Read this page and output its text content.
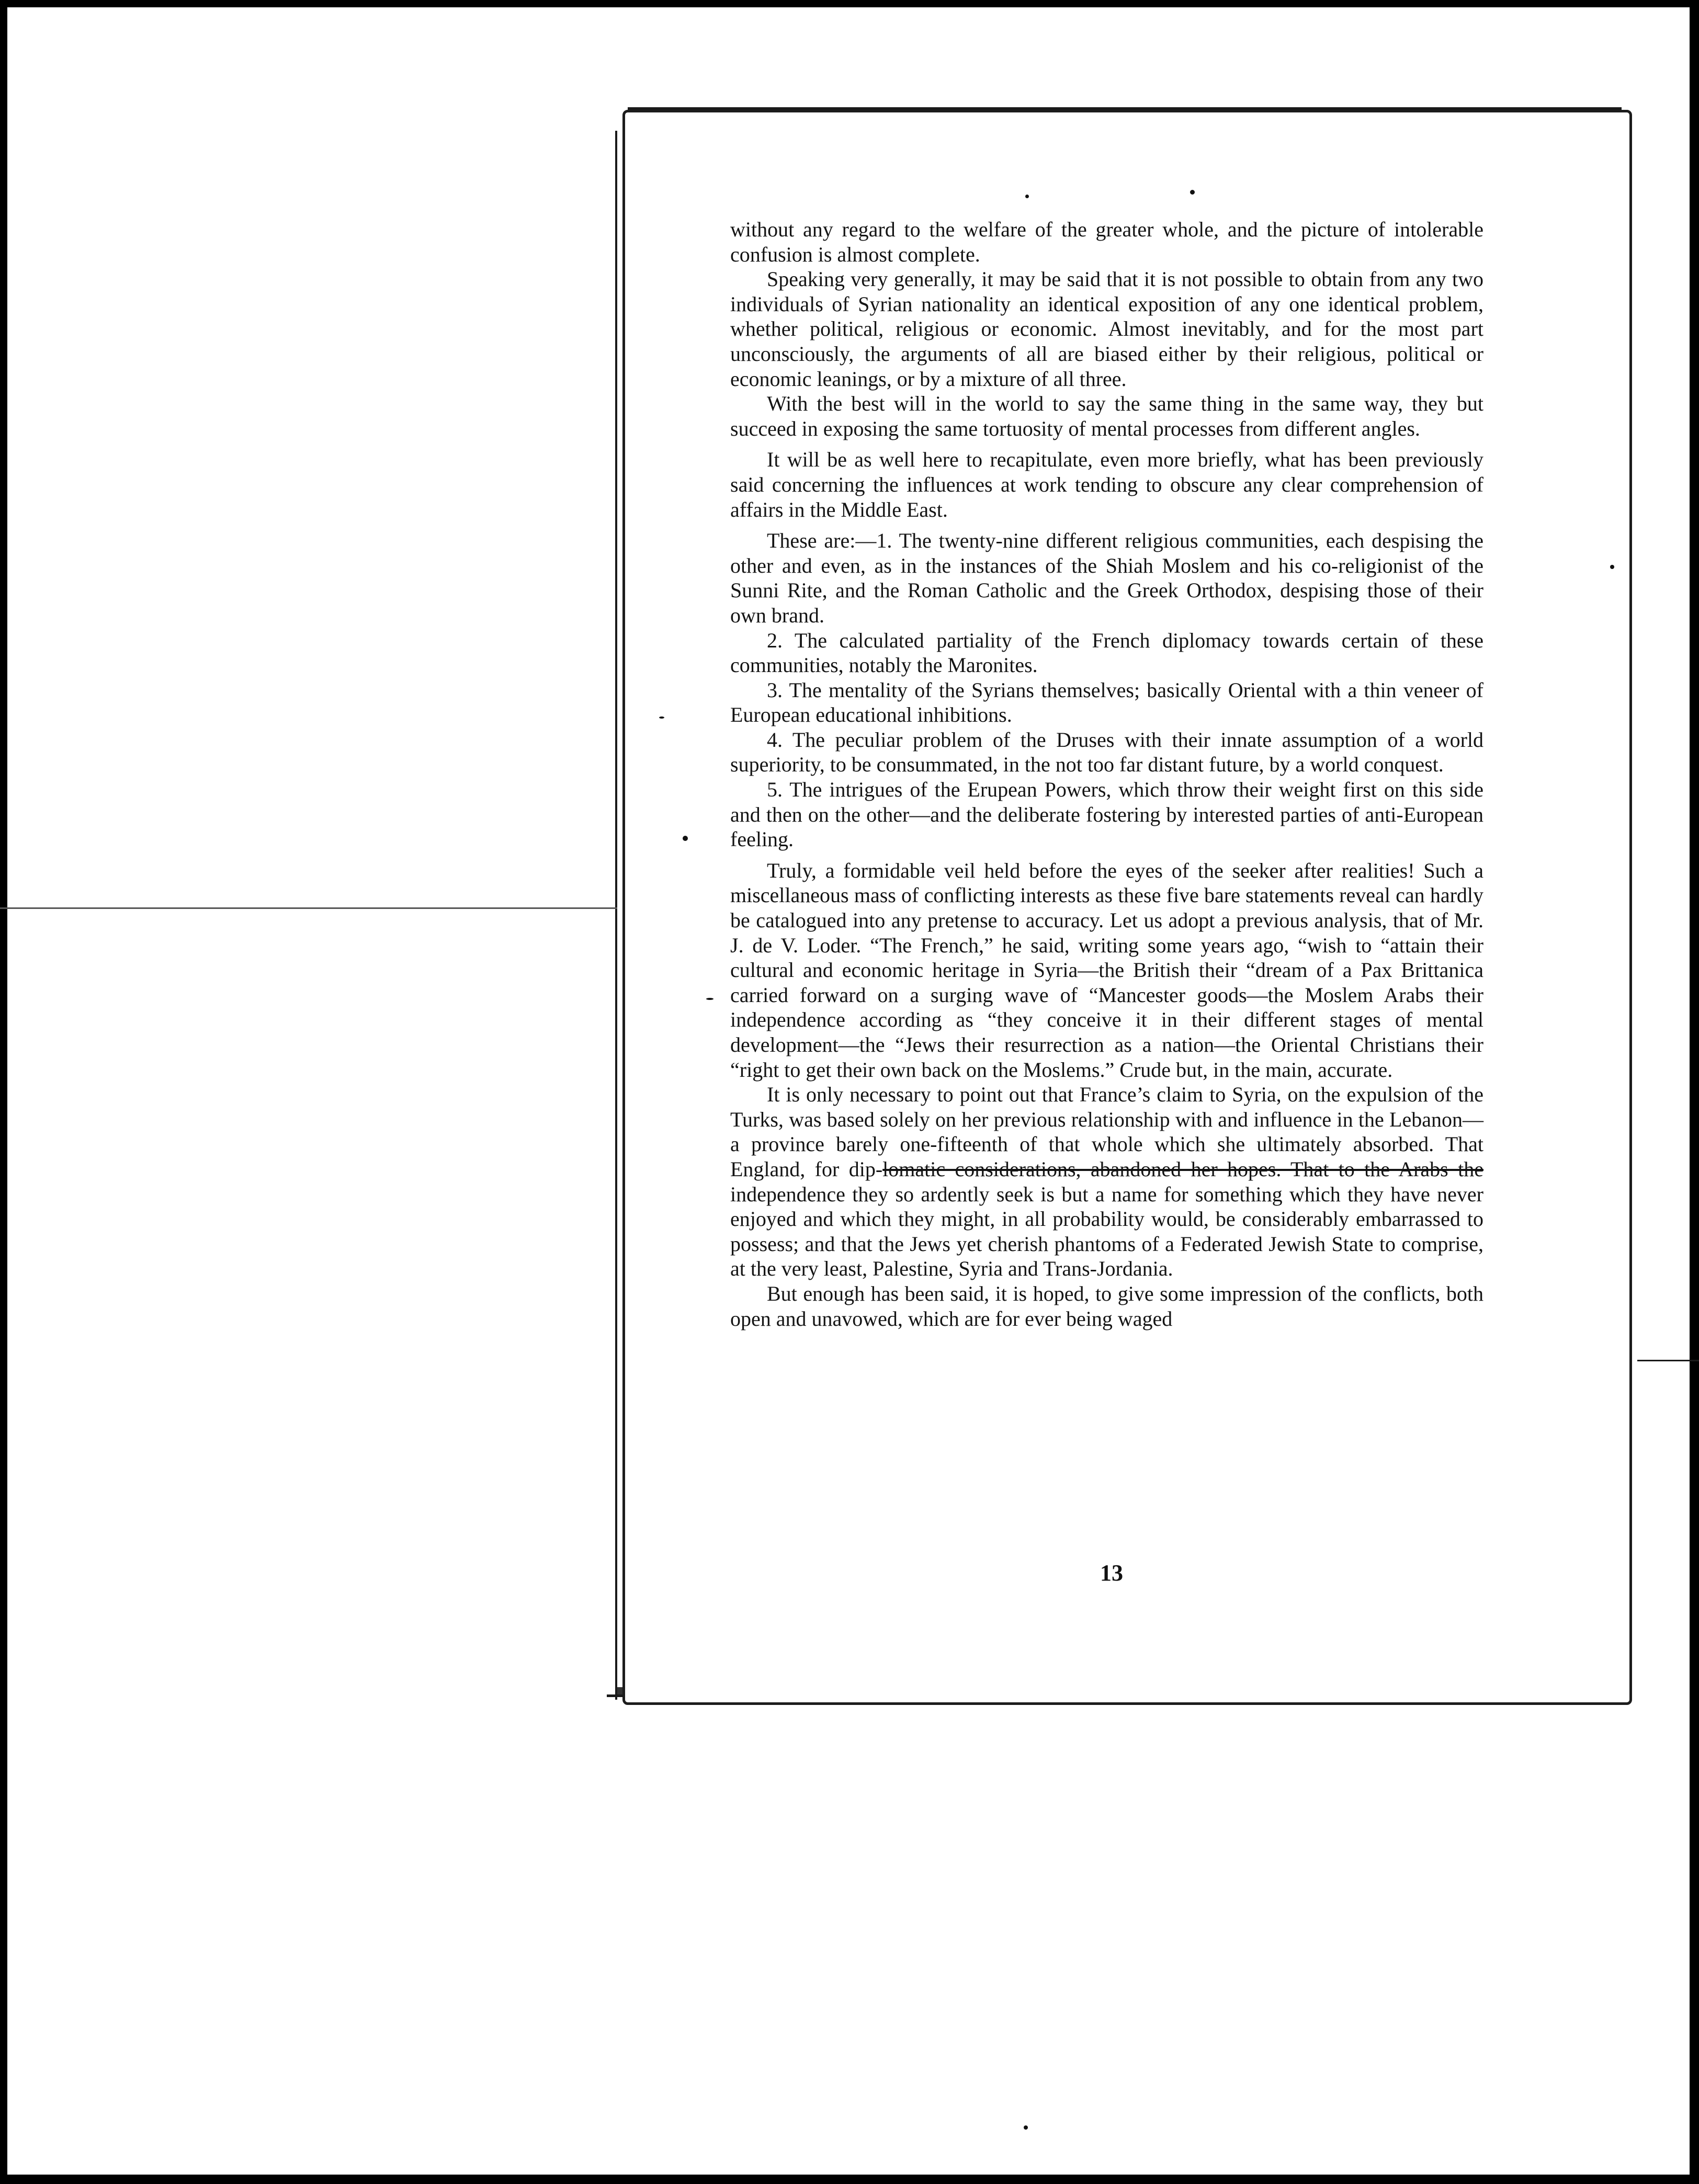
without any regard to the welfare of the greater whole, and the picture of intolerable confusion is almost complete.

Speaking very generally, it may be said that it is not possible to obtain from any two individuals of Syrian nationality an identical exposition of any one identical problem, whether political, religious or economic. Almost inevitably, and for the most part unconsciously, the arguments of all are biased either by their religious, political or economic leanings, or by a mixture of all three.

With the best will in the world to say the same thing in the same way, they but succeed in exposing the same tortuosity of mental processes from different angles.

It will be as well here to recapitulate, even more briefly, what has been previously said concerning the influences at work tending to obscure any clear comprehension of affairs in the Middle East.

These are:—1. The twenty-nine different religious communities, each despising the other and even, as in the instances of the Shiah Moslem and his co-religionist of the Sunni Rite, and the Roman Catholic and the Greek Orthodox, despising those of their own brand.

2. The calculated partiality of the French diplomacy towards certain of these communities, notably the Maronites.

3. The mentality of the Syrians themselves; basically Oriental with a thin veneer of European educational inhibitions.

4. The peculiar problem of the Druses with their innate assumption of a world superiority, to be consummated, in the not too far distant future, by a world conquest.

5. The intrigues of the Erupean Powers, which throw their weight first on this side and then on the other—and the deliberate fostering by interested parties of anti-European feeling.

Truly, a formidable veil held before the eyes of the seeker after realities! Such a miscellaneous mass of conflicting interests as these five bare statements reveal can hardly be catalogued into any pretense to accuracy. Let us adopt a previous analysis, that of Mr. J. de V. Loder. “The French,” he said, writing some years ago, “wish to “attain their cultural and economic heritage in Syria—the British their “dream of a Pax Brittanica carried forward on a surging wave of “Mancester goods—the Moslem Arabs their independence according as “they conceive it in their different stages of mental development—the “Jews their resurrection as a nation—the Oriental Christians their “right to get their own back on the Moslems.” Crude but, in the main, accurate.

It is only necessary to point out that France’s claim to Syria, on the expulsion of the Turks, was based solely on her previous relationship with and influence in the Lebanon—a province barely one-fifteenth of that whole which she ultimately absorbed. That England, for dip-lomatic considerations, abandoned her hopes. That to the Arabs the independence they so ardently seek is but a name for something which they have never enjoyed and which they might, in all probability would, be considerably embarrassed to possess; and that the Jews yet cherish phantoms of a Federated Jewish State to comprise, at the very least, Palestine, Syria and Trans-Jordania.

But enough has been said, it is hoped, to give some impression of the conflicts, both open and unavowed, which are for ever being waged

13
